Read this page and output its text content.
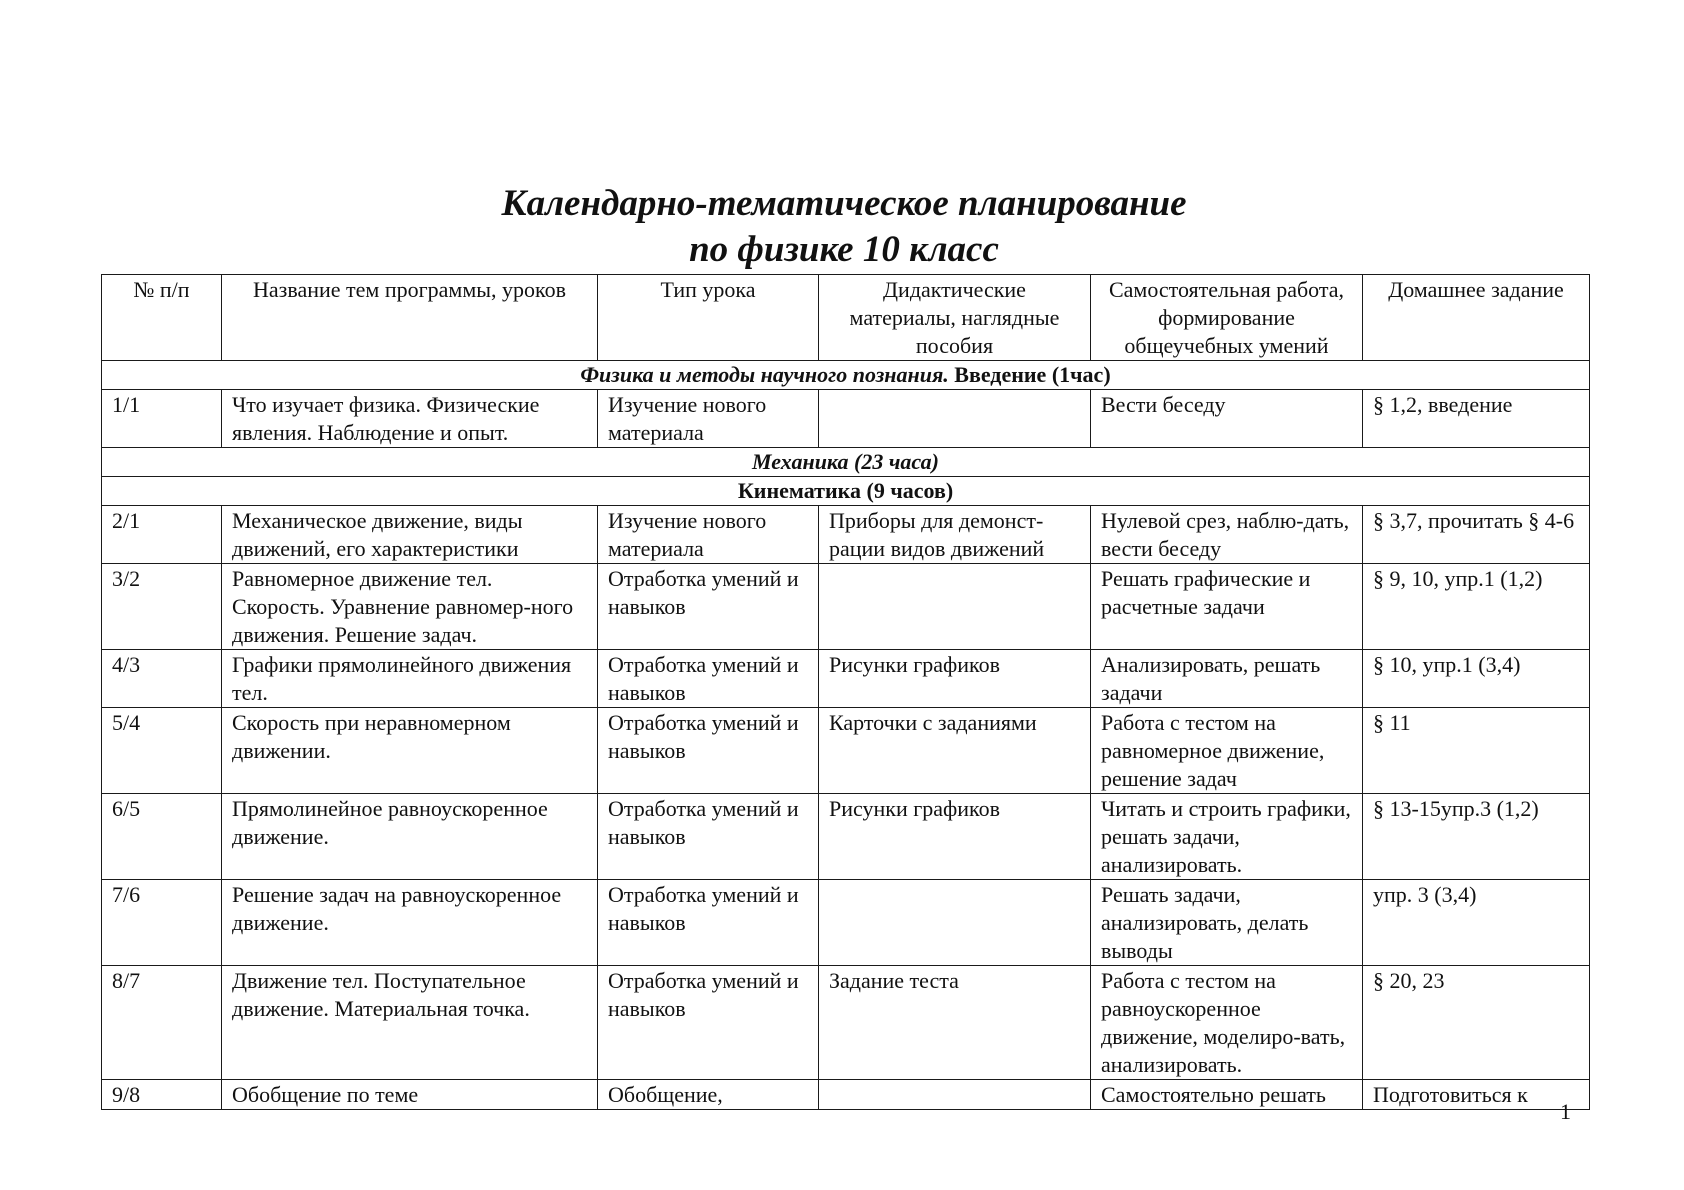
Календарно-тематическое планирование
по физике 10 класс
№ п/п	Название тем программы, уроков	Тип урока	Дидактические материалы, наглядные пособия	Самостоятельная работа, формирование общеучебных умений	Домашнее задание
Физика и методы научного познания. Введение (1час)					
1/1	Что изучает физика. Физические явления. Наблюдение и опыт.	Изучение нового материала		Вести беседу	§ 1,2, введение
Механика (23 часа)					
Кинематика (9 часов)					
2/1	Механическое движение, виды движений, его характеристики	Изучение нового материала	Приборы для демонст-рации видов движений	Нулевой срез, наблю-дать, вести беседу	§ 3,7, прочитать § 4-6
3/2	Равномерное движение тел. Скорость. Уравнение равномер-ного движения. Решение задач.	Отработка умений и навыков		Решать графические и расчетные задачи	§ 9, 10, упр.1 (1,2)
4/3	Графики прямолинейного движения тел.	Отработка умений и навыков	Рисунки графиков	Анализировать, решать задачи	§ 10, упр.1 (3,4)
5/4	Скорость при неравномерном движении.	Отработка умений и навыков	Карточки с заданиями	Работа с тестом на равномерное движение, решение задач	§ 11
6/5	Прямолинейное равноускоренное движение.	Отработка умений и навыков	Рисунки графиков	Читать и строить графики, решать задачи, анализировать.	§ 13-15упр.3 (1,2)
7/6	Решение задач на равноускоренное движение.	Отработка умений и навыков		Решать задачи, анализировать, делать выводы	упр. 3 (3,4)
8/7	Движение тел. Поступательное движение. Материальная точка.	Отработка умений и навыков	Задание теста	Работа с тестом на равноускоренное движение, моделиро-вать, анализировать.	§ 20, 23
9/8	Обобщение по теме	Обобщение,		Самостоятельно решать	Подготовиться к
1
